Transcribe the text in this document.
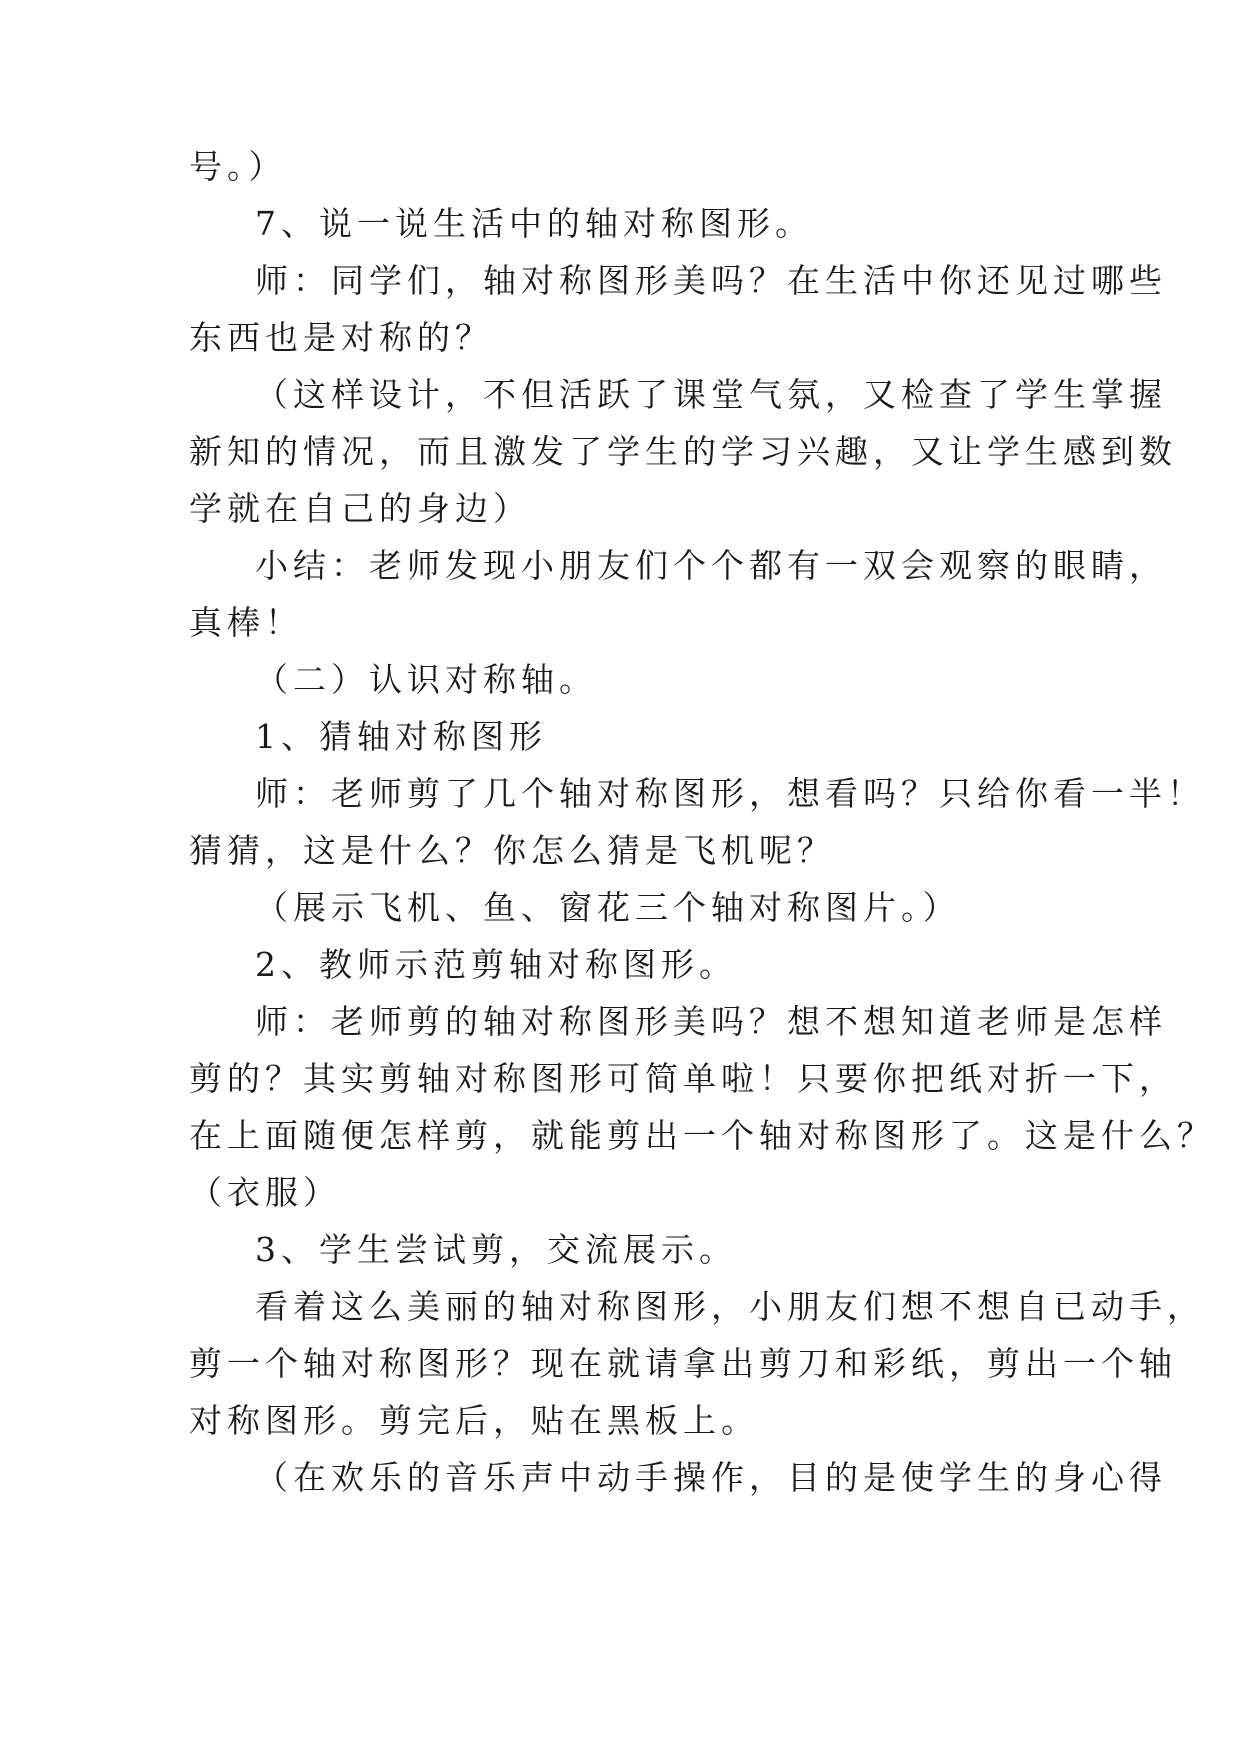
号。）
7、说一说生活中的轴对称图形。
师：同学们，轴对称图形美吗？在生活中你还见过哪些
东西也是对称的？
（这样设计，不但活跃了课堂气氛，又检查了学生掌握
新知的情况，而且激发了学生的学习兴趣，又让学生感到数
学就在自己的身边）
小结：老师发现小朋友们个个都有一双会观察的眼睛，
真棒！
（二）认识对称轴。
1、猜轴对称图形
师：老师剪了几个轴对称图形，想看吗？只给你看一半！
猜猜，这是什么？你怎么猜是飞机呢？
（展示飞机、鱼、窗花三个轴对称图片。）
2、教师示范剪轴对称图形。
师：老师剪的轴对称图形美吗？想不想知道老师是怎样
剪的？其实剪轴对称图形可简单啦！只要你把纸对折一下，
在上面随便怎样剪，就能剪出一个轴对称图形了。这是什么？
（衣服）
3、学生尝试剪，交流展示。
看着这么美丽的轴对称图形，小朋友们想不想自已动手，
剪一个轴对称图形？现在就请拿出剪刀和彩纸，剪出一个轴
对称图形。剪完后，贴在黑板上。
（在欢乐的音乐声中动手操作，目的是使学生的身心得
